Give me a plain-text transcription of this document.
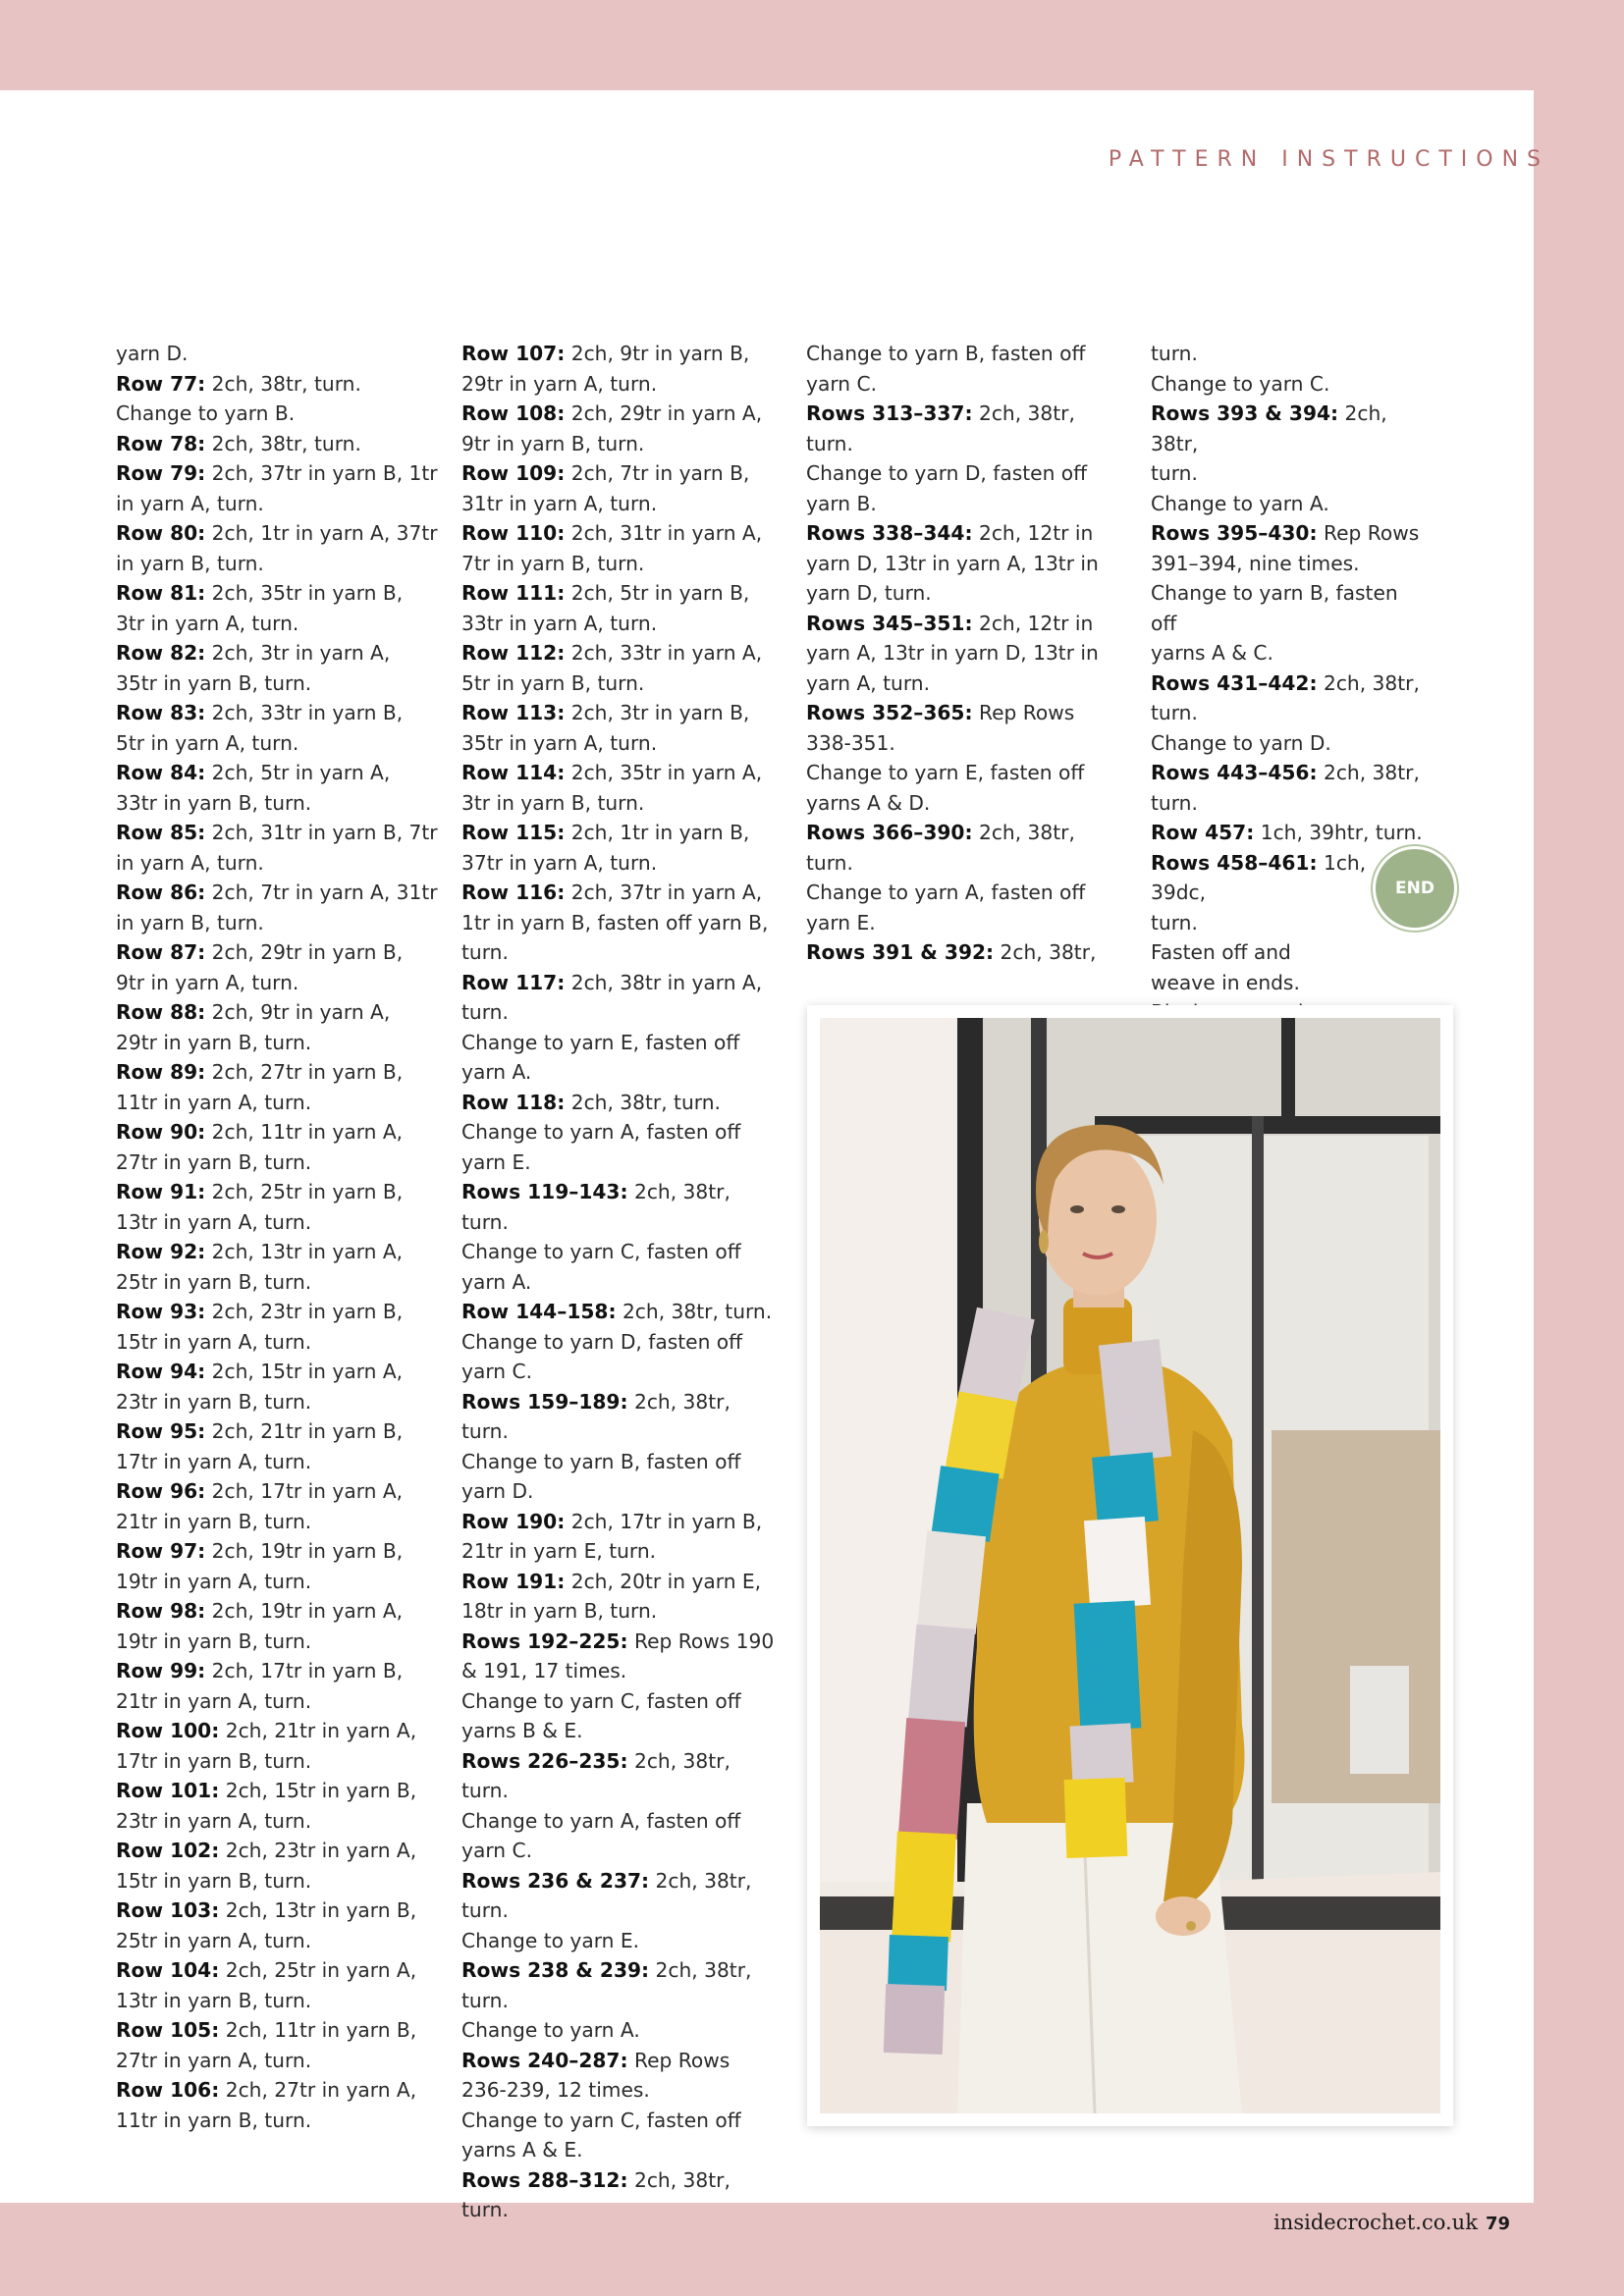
PATTERN INSTRUCTIONS
yarn D.
Row 77: 2ch, 38tr, turn.
Change to yarn B.
Row 78: 2ch, 38tr, turn.
Row 79: 2ch, 37tr in yarn B, 1tr
in yarn A, turn.
Row 80: 2ch, 1tr in yarn A, 37tr
in yarn B, turn.
Row 81: 2ch, 35tr in yarn B,
3tr in yarn A, turn.
Row 82: 2ch, 3tr in yarn A,
35tr in yarn B, turn.
Row 83: 2ch, 33tr in yarn B,
5tr in yarn A, turn.
Row 84: 2ch, 5tr in yarn A,
33tr in yarn B, turn.
Row 85: 2ch, 31tr in yarn B, 7tr
in yarn A, turn.
Row 86: 2ch, 7tr in yarn A, 31tr
in yarn B, turn.
Row 87: 2ch, 29tr in yarn B,
9tr in yarn A, turn.
Row 88: 2ch, 9tr in yarn A,
29tr in yarn B, turn.
Row 89: 2ch, 27tr in yarn B,
11tr in yarn A, turn.
Row 90: 2ch, 11tr in yarn A,
27tr in yarn B, turn.
Row 91: 2ch, 25tr in yarn B,
13tr in yarn A, turn.
Row 92: 2ch, 13tr in yarn A,
25tr in yarn B, turn.
Row 93: 2ch, 23tr in yarn B,
15tr in yarn A, turn.
Row 94: 2ch, 15tr in yarn A,
23tr in yarn B, turn.
Row 95: 2ch, 21tr in yarn B,
17tr in yarn A, turn.
Row 96: 2ch, 17tr in yarn A,
21tr in yarn B, turn.
Row 97: 2ch, 19tr in yarn B,
19tr in yarn A, turn.
Row 98: 2ch, 19tr in yarn A,
19tr in yarn B, turn.
Row 99: 2ch, 17tr in yarn B,
21tr in yarn A, turn.
Row 100: 2ch, 21tr in yarn A,
17tr in yarn B, turn.
Row 101: 2ch, 15tr in yarn B,
23tr in yarn A, turn.
Row 102: 2ch, 23tr in yarn A,
15tr in yarn B, turn.
Row 103: 2ch, 13tr in yarn B,
25tr in yarn A, turn.
Row 104: 2ch, 25tr in yarn A,
13tr in yarn B, turn.
Row 105: 2ch, 11tr in yarn B,
27tr in yarn A, turn.
Row 106: 2ch, 27tr in yarn A,
11tr in yarn B, turn.
Row 107: 2ch, 9tr in yarn B,
29tr in yarn A, turn.
Row 108: 2ch, 29tr in yarn A,
9tr in yarn B, turn.
Row 109: 2ch, 7tr in yarn B,
31tr in yarn A, turn.
Row 110: 2ch, 31tr in yarn A,
7tr in yarn B, turn.
Row 111: 2ch, 5tr in yarn B,
33tr in yarn A, turn.
Row 112: 2ch, 33tr in yarn A,
5tr in yarn B, turn.
Row 113: 2ch, 3tr in yarn B,
35tr in yarn A, turn.
Row 114: 2ch, 35tr in yarn A,
3tr in yarn B, turn.
Row 115: 2ch, 1tr in yarn B,
37tr in yarn A, turn.
Row 116: 2ch, 37tr in yarn A,
1tr in yarn B, fasten off yarn B,
turn.
Row 117: 2ch, 38tr in yarn A,
turn.
Change to yarn E, fasten off
yarn A.
Row 118: 2ch, 38tr, turn.
Change to yarn A, fasten off
yarn E.
Rows 119–143: 2ch, 38tr, turn.
Change to yarn C, fasten off
yarn A.
Row 144–158: 2ch, 38tr, turn.
Change to yarn D, fasten off
yarn C.
Rows 159–189: 2ch, 38tr, turn.
Change to yarn B, fasten off
yarn D.
Row 190: 2ch, 17tr in yarn B,
21tr in yarn E, turn.
Row 191: 2ch, 20tr in yarn E,
18tr in yarn B, turn.
Rows 192–225: Rep Rows 190
& 191, 17 times.
Change to yarn C, fasten off
yarns B & E.
Rows 226–235: 2ch, 38tr,
turn.
Change to yarn A, fasten off
yarn C.
Rows 236 & 237: 2ch, 38tr,
turn.
Change to yarn E.
Rows 238 & 239: 2ch, 38tr,
turn.
Change to yarn A.
Rows 240–287: Rep Rows
236-239, 12 times.
Change to yarn C, fasten off
yarns A & E.
Rows 288–312: 2ch, 38tr, turn.
Change to yarn B, fasten off
yarn C.
Rows 313–337: 2ch, 38tr, turn.
Change to yarn D, fasten off
yarn B.
Rows 338–344: 2ch, 12tr in
yarn D, 13tr in yarn A, 13tr in
yarn D, turn.
Rows 345–351: 2ch, 12tr in
yarn A, 13tr in yarn D, 13tr in
yarn A, turn.
Rows 352–365: Rep Rows
338-351.
Change to yarn E, fasten off
yarns A & D.
Rows 366–390: 2ch, 38tr,
turn.
Change to yarn A, fasten off
yarn E.
Rows 391 & 392: 2ch, 38tr,
turn.
Change to yarn C.
Rows 393 & 394: 2ch, 38tr,
turn.
Change to yarn A.
Rows 395–430: Rep Rows
391–394, nine times.
Change to yarn B, fasten off
yarns A & C.
Rows 431–442: 2ch, 38tr,
turn.
Change to yarn D.
Rows 443–456: 2ch, 38tr,
turn.
Row 457: 1ch, 39htr, turn.
Rows 458–461: 1ch, 39dc,
turn.
Fasten off and
weave in ends.
END
insidecrochet.co.uk 79
